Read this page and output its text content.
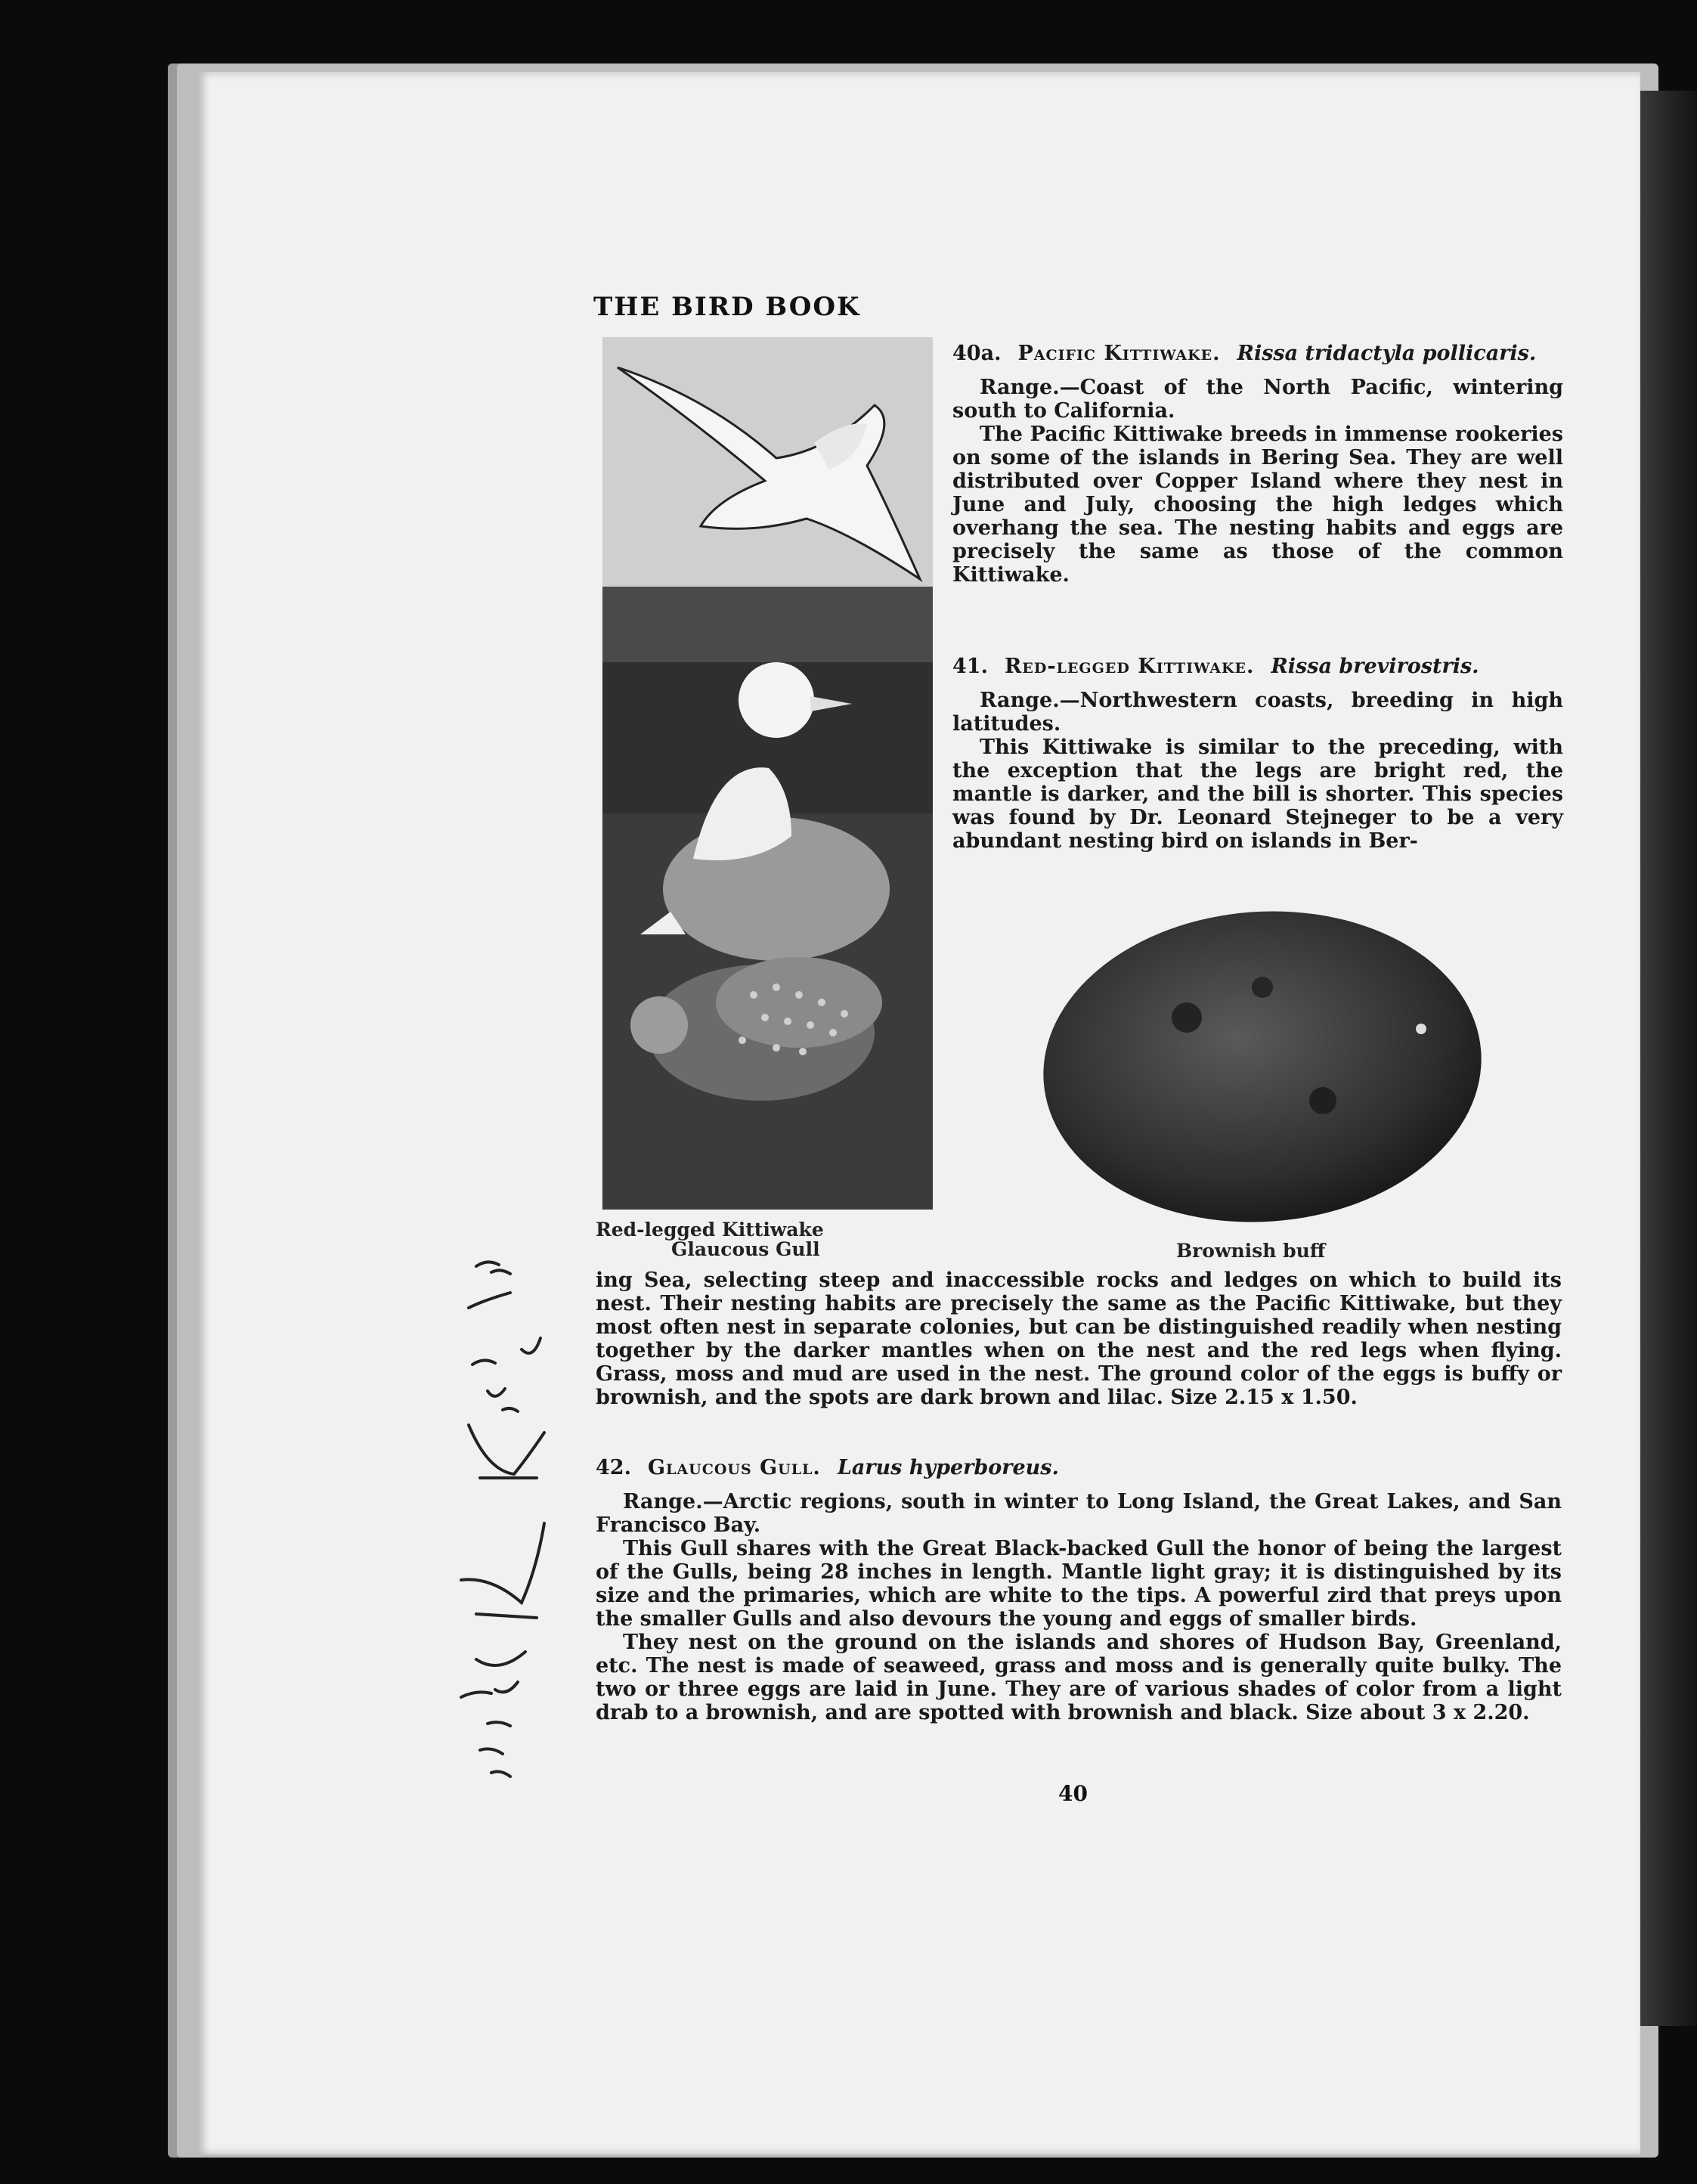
THE BIRD BOOK
40a. Pacific Kittiwake. Rissa tridactyla pollicaris.

Range.—Coast of the North Pacific, wintering south to California.

The Pacific Kittiwake breeds in immense rookeries on some of the islands in Bering Sea. They are well distributed over Copper Island where they nest in June and July, choosing the high ledges which overhang the sea. The nesting habits and eggs are precisely the same as those of the common Kittiwake.

41. Red-legged Kittiwake. Rissa brevirostris.

Range.—Northwestern coasts, breeding in high latitudes.

This Kittiwake is similar to the preceding, with the exception that the legs are bright red, the mantle is darker, and the bill is shorter. This species was found by Dr. Leonard Stejneger to be a very abundant nesting bird on islands in Ber-

Red-legged Kittiwake
Glaucous Gull	Brownish buff

ing Sea, selecting steep and inaccessible rocks and ledges on which to build its nest. Their nesting habits are precisely the same as the Pacific Kittiwake, but they most often nest in separate colonies, but can be distinguished readily when nesting together by the darker mantles when on the nest and the red legs when flying. Grass, moss and mud are used in the nest. The ground color of the eggs is buffy or brownish, and the spots are dark brown and lilac. Size 2.15 x 1.50.

42. Glaucous Gull. Larus hyperboreus.

Range.—Arctic regions, south in winter to Long Island, the Great Lakes, and San Francisco Bay.

This Gull shares with the Great Black-backed Gull the honor of being the largest of the Gulls, being 28 inches in length. Mantle light gray; it is distinguished by its size and the primaries, which are white to the tips. A powerful zird that preys upon the smaller Gulls and also devours the young and eggs of smaller birds.

They nest on the ground on the islands and shores of Hudson Bay, Greenland, etc. The nest is made of seaweed, grass and moss and is generally quite bulky. The two or three eggs are laid in June. They are of various shades of color from a light drab to a brownish, and are spotted with brownish and black. Size about 3 x 2.20.

40
